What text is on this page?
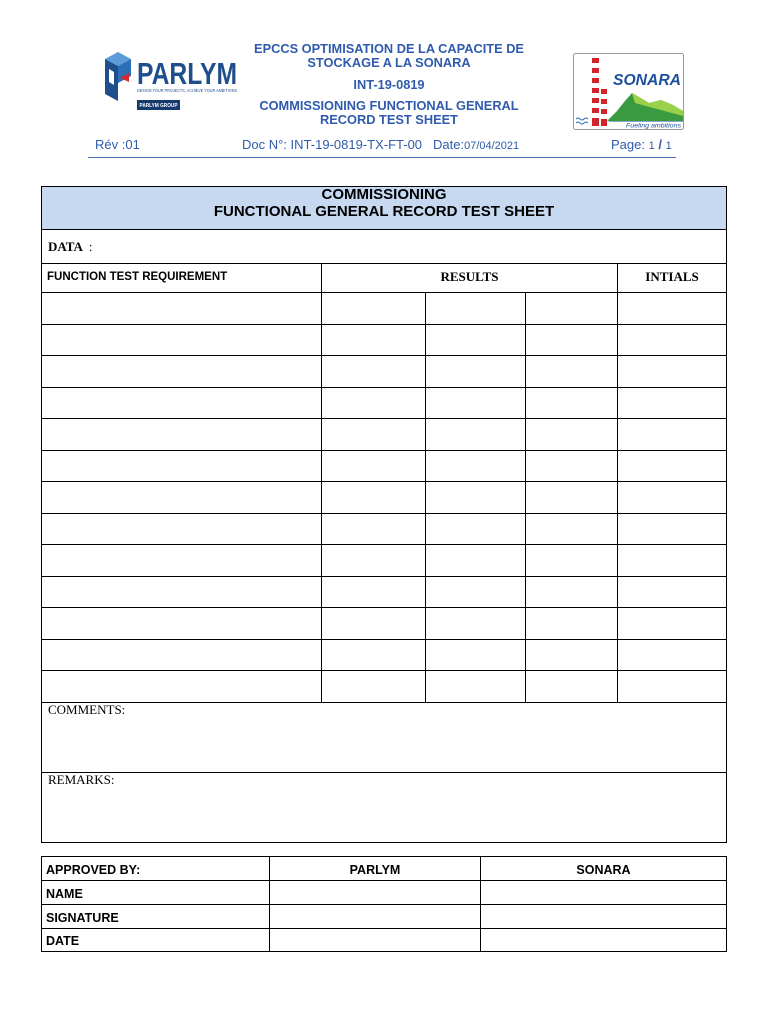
PARLYM
DESIGN YOUR PROJECTS, ACHIEVE YOUR AMBITIONS
PARLYM GROUP
EPCCS OPTIMISATION DE LA CAPACITE DE
STOCKAGE A LA SONARA
INT-19-0819
COMMISSIONING FUNCTIONAL GENERAL
RECORD TEST SHEET
SONARA
Fueling ambitions
Rév :01	Doc N°: INT-19-0819-TX-FT-00 Date:07/04/2021	Page: 1 / 1
COMMISSIONING
FUNCTIONAL GENERAL RECORD TEST SHEET
DATA :
FUNCTION TEST REQUIREMENT	RESULTS	INTIALS
COMMENTS:
REMARKS:
APPROVED BY:	PARLYM	SONARA
NAME
SIGNATURE
DATE
